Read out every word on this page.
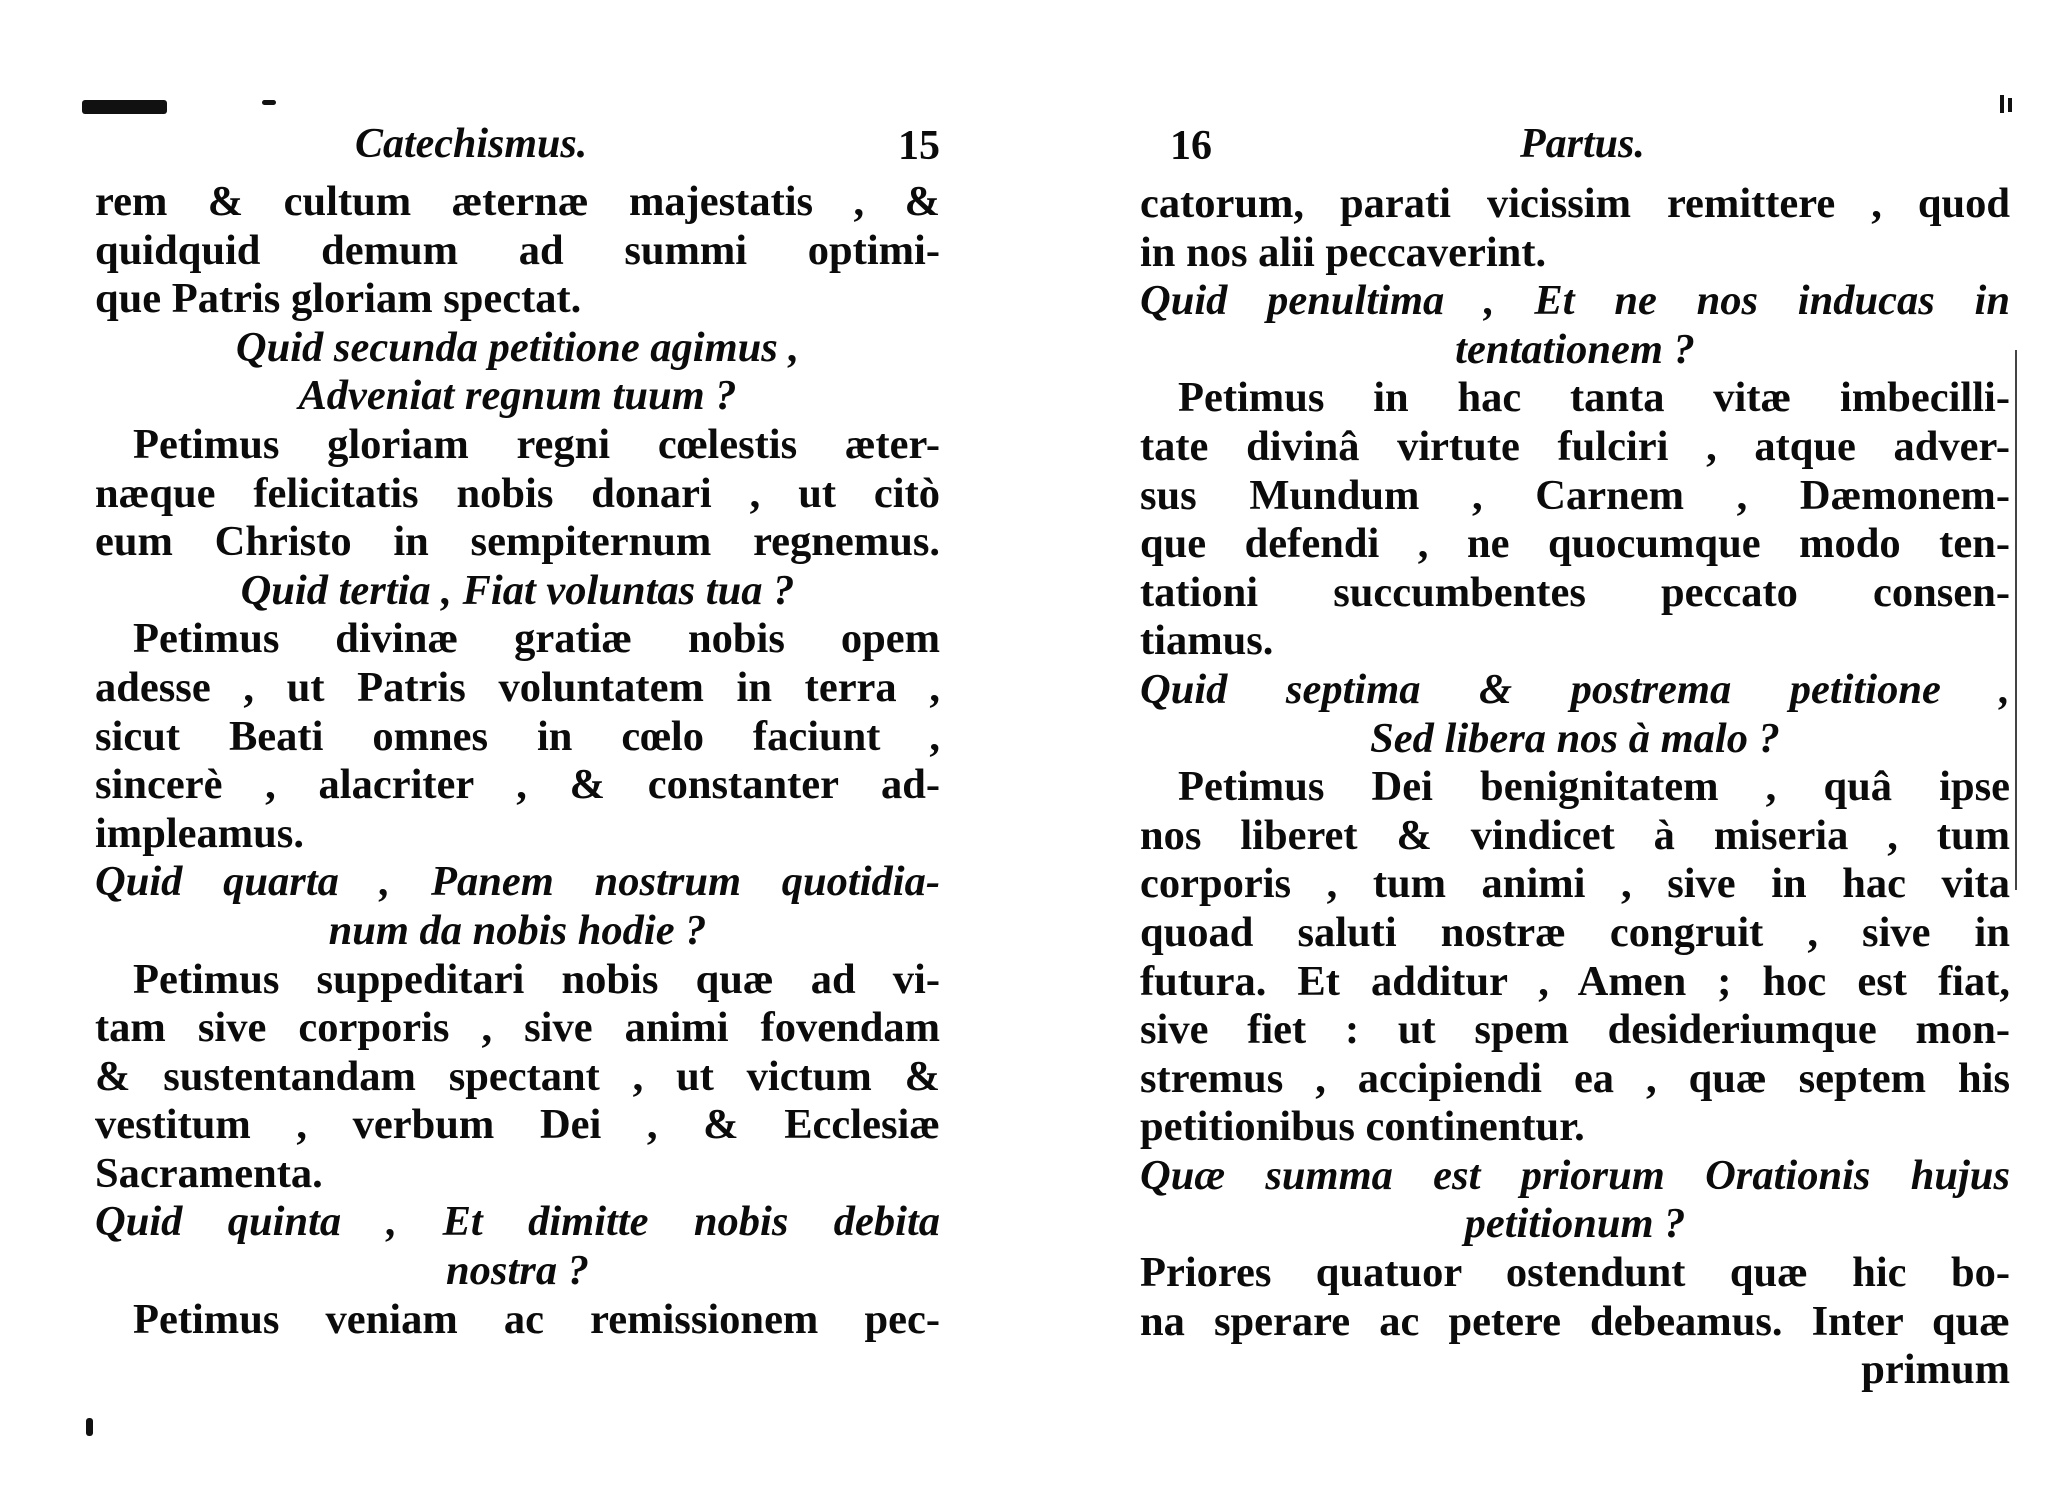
Catechismus.	15
rem & cultum æternæ majestatis , &
quidquid demum ad summi optimi-
que Patris gloriam spectat.
Quid secunda petitione agimus ,
Adveniat regnum tuum ?
Petimus gloriam regni cœlestis æter-
næque felicitatis nobis donari , ut citò
eum Christo in sempiternum regnemus.
Quid tertia , Fiat voluntas tua ?
Petimus divinæ gratiæ nobis opem
adesse , ut Patris voluntatem in terra ,
sicut Beati omnes in cœlo faciunt ,
sincerè , alacriter , & constanter ad-
impleamus.
Quid quarta , Panem nostrum quotidia-
num da nobis hodie ?
Petimus suppeditari nobis quæ ad vi-
tam sive corporis , sive animi fovendam
& sustentandam spectant , ut victum &
vestitum , verbum Dei , & Ecclesiæ
Sacramenta.
Quid quinta , Et dimitte nobis debita
nostra ?
Petimus veniam ac remissionem pec-
16	Partus.
catorum, parati vicissim remittere , quod
in nos alii peccaverint.
Quid penultima , Et ne nos inducas in
tentationem ?
Petimus in hac tanta vitæ imbecilli-
tate divinâ virtute fulciri , atque adver-
sus Mundum , Carnem , Dæmonem-
que defendi , ne quocumque modo ten-
tationi succumbentes peccato consen-
tiamus.
Quid septima & postrema petitione ,
Sed libera nos à malo ?
Petimus Dei benignitatem , quâ ipse
nos liberet & vindicet à miseria , tum
corporis , tum animi , sive in hac vita
quoad saluti nostræ congruit , sive in
futura. Et additur , Amen ; hoc est fiat,
sive fiet : ut spem desideriumque mon-
stremus , accipiendi ea , quæ septem his
petitionibus continentur.
Quæ summa est priorum Orationis hujus
petitionum ?
Priores quatuor ostendunt quæ hic bo-
na sperare ac petere debeamus. Inter quæ
primum
